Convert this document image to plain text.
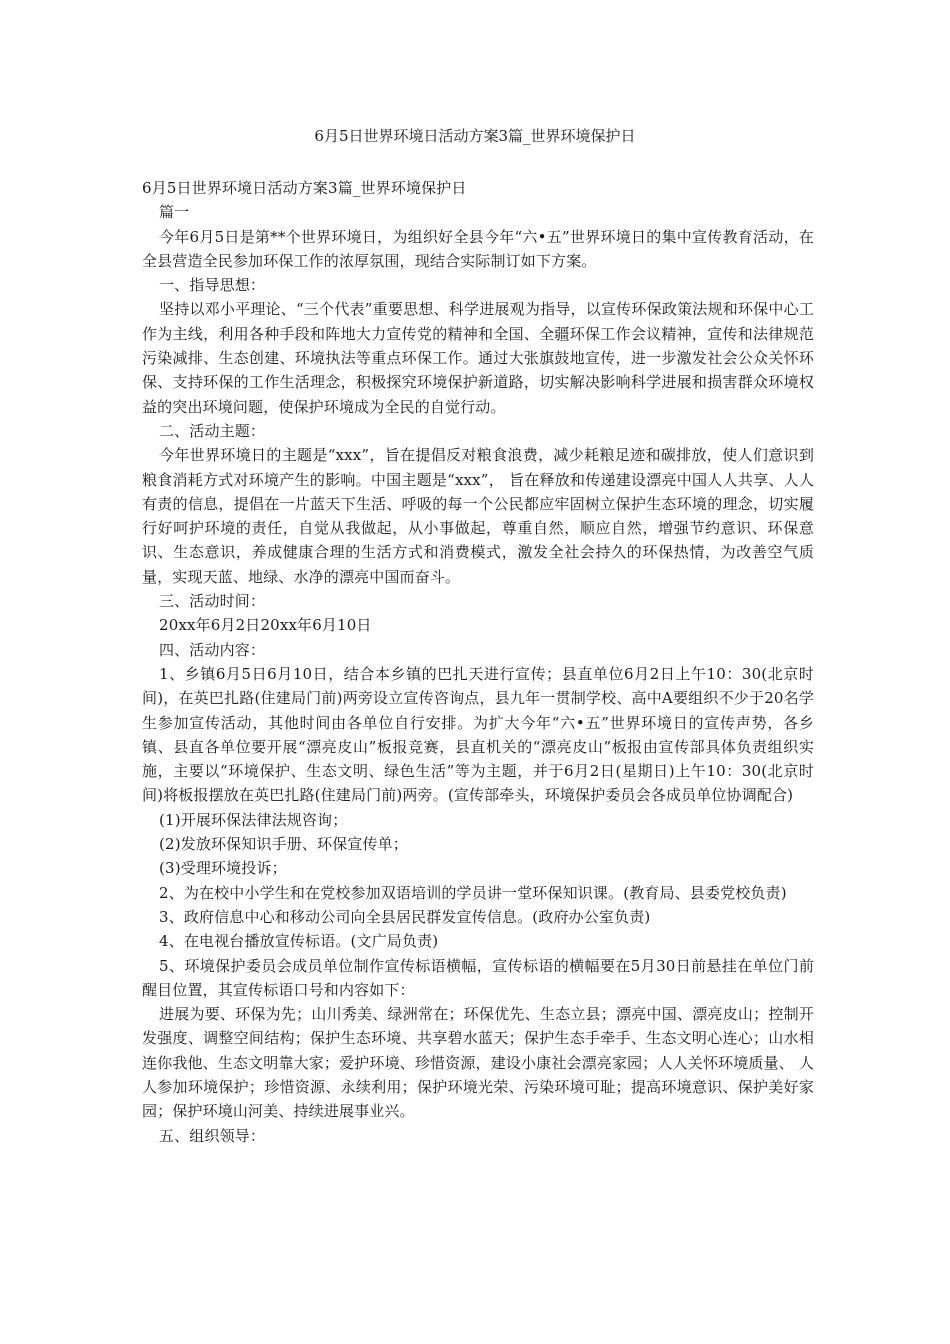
6月5日世界环境日活动方案3篇_世界环境保护日

6月5日世界环境日活动方案3篇_世界环境保护日

篇一

今年6月5日是第**个世界环境日，为组织好全县今年“六•五”世界环境日的集中宣传教育活动，在全县营造全民参加环保工作的浓厚氛围，现结合实际制订如下方案。

一、指导思想：

坚持以邓小平理论、“三个代表”重要思想、科学进展观为指导，以宣传环保政策法规和环保中心工作为主线，利用各种手段和阵地大力宣传党的精神和全国、全疆环保工作会议精神，宣传和法律规范污染减排、生态创建、环境执法等重点环保工作。通过大张旗鼓地宣传，进一步激发社会公众关怀环保、支持环保的工作生活理念，积极探究环境保护新道路，切实解决影响科学进展和损害群众环境权益的突出环境问题，使保护环境成为全民的自觉行动。

二、活动主题：

今年世界环境日的主题是“xxx”，旨在提倡反对粮食浪费，减少耗粮足迹和碳排放，使人们意识到粮食消耗方式对环境产生的影响。中国主题是“xxx”， 旨在释放和传递建设漂亮中国人人共享、人人有责的信息，提倡在一片蓝天下生活、呼吸的每一个公民都应牢固树立保护生态环境的理念，切实履行好呵护环境的责任，自觉从我做起，从小事做起，尊重自然，顺应自然，增强节约意识、环保意识、生态意识，养成健康合理的生活方式和消费模式，激发全社会持久的环保热情，为改善空气质量，实现天蓝、地绿、水净的漂亮中国而奋斗。

三、活动时间：

20xx年6月2日20xx年6月10日

四、活动内容：

1、乡镇6月5日6月10日，结合本乡镇的巴扎天进行宣传；县直单位6月2日上午10：30(北京时间)，在英巴扎路(住建局门前)两旁设立宣传咨询点，县九年一贯制学校、高中A要组织不少于20名学生参加宣传活动，其他时间由各单位自行安排。为扩大今年“六•五”世界环境日的宣传声势，各乡镇、县直各单位要开展“漂亮皮山”板报竞赛，县直机关的“漂亮皮山”板报由宣传部具体负责组织实施，主要以“环境保护、生态文明、绿色生活”等为主题，并于6月2日(星期日)上午10：30(北京时间)将板报摆放在英巴扎路(住建局门前)两旁。(宣传部牵头，环境保护委员会各成员单位协调配合)

(1)开展环保法律法规咨询；

(2)发放环保知识手册、环保宣传单；

(3)受理环境投诉；

2、为在校中小学生和在党校参加双语培训的学员讲一堂环保知识课。(教育局、县委党校负责)

3、政府信息中心和移动公司向全县居民群发宣传信息。(政府办公室负责)

4、在电视台播放宣传标语。(文广局负责)

5、环境保护委员会成员单位制作宣传标语横幅，宣传标语的横幅要在5月30日前悬挂在单位门前醒目位置，其宣传标语口号和内容如下：

进展为要、环保为先；山川秀美、绿洲常在；环保优先、生态立县；漂亮中国、漂亮皮山；控制开发强度、调整空间结构；保护生态环境、共享碧水蓝天；保护生态手牵手、生态文明心连心；山水相连你我他、生态文明靠大家；爱护环境、珍惜资源，建设小康社会漂亮家园；人人关怀环境质量、 人人参加环境保护；珍惜资源、永续利用；保护环境光荣、污染环境可耻；提高环境意识、保护美好家园；保护环境山河美、持续进展事业兴。

五、组织领导：
